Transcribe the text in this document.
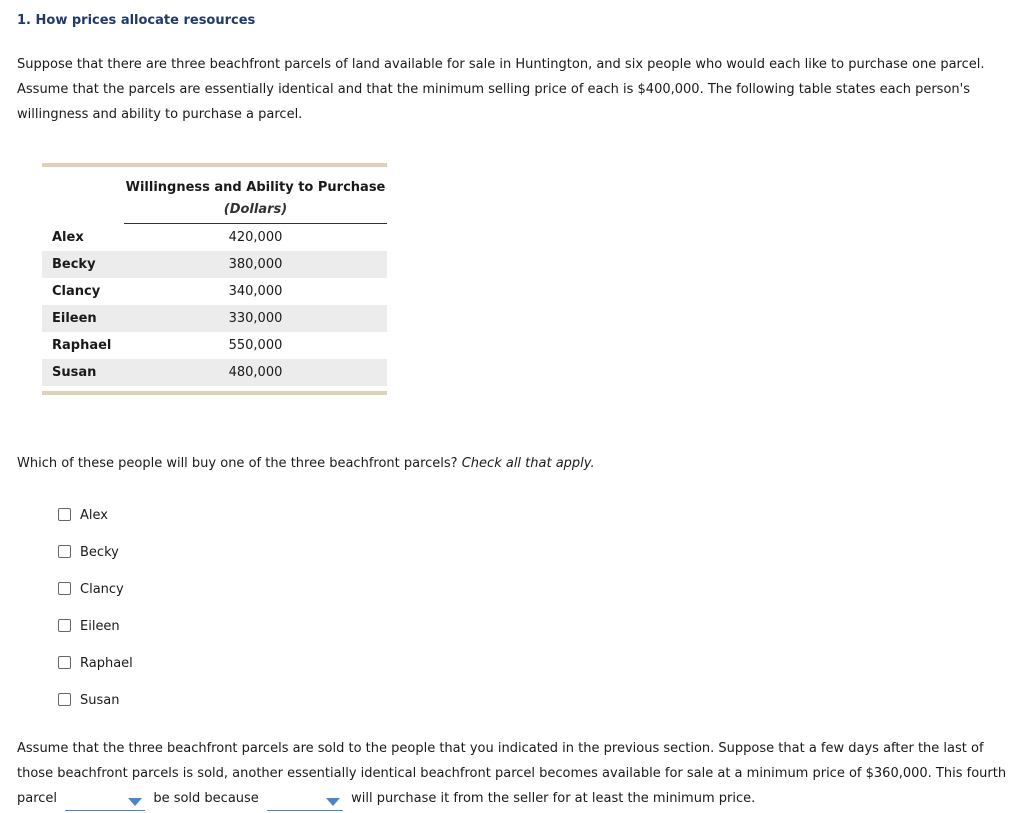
1. How prices allocate resources
Suppose that there are three beachfront parcels of land available for sale in Huntington, and six people who would each like to purchase one parcel.
Assume that the parcels are essentially identical and that the minimum selling price of each is $400,000. The following table states each person's
willingness and ability to purchase a parcel.
Willingness and Ability to Purchase
(Dollars)
Alex	420,000
Becky	380,000
Clancy	340,000
Eileen	330,000
Raphael	550,000
Susan	480,000
Which of these people will buy one of the three beachfront parcels? Check all that apply.
Alex
Becky
Clancy
Eileen
Raphael
Susan
Assume that the three beachfront parcels are sold to the people that you indicated in the previous section. Suppose that a few days after the last of
those beachfront parcels is sold, another essentially identical beachfront parcel becomes available for sale at a minimum price of $360,000. This fourth
parcel	be sold because	will purchase it from the seller for at least the minimum price.
